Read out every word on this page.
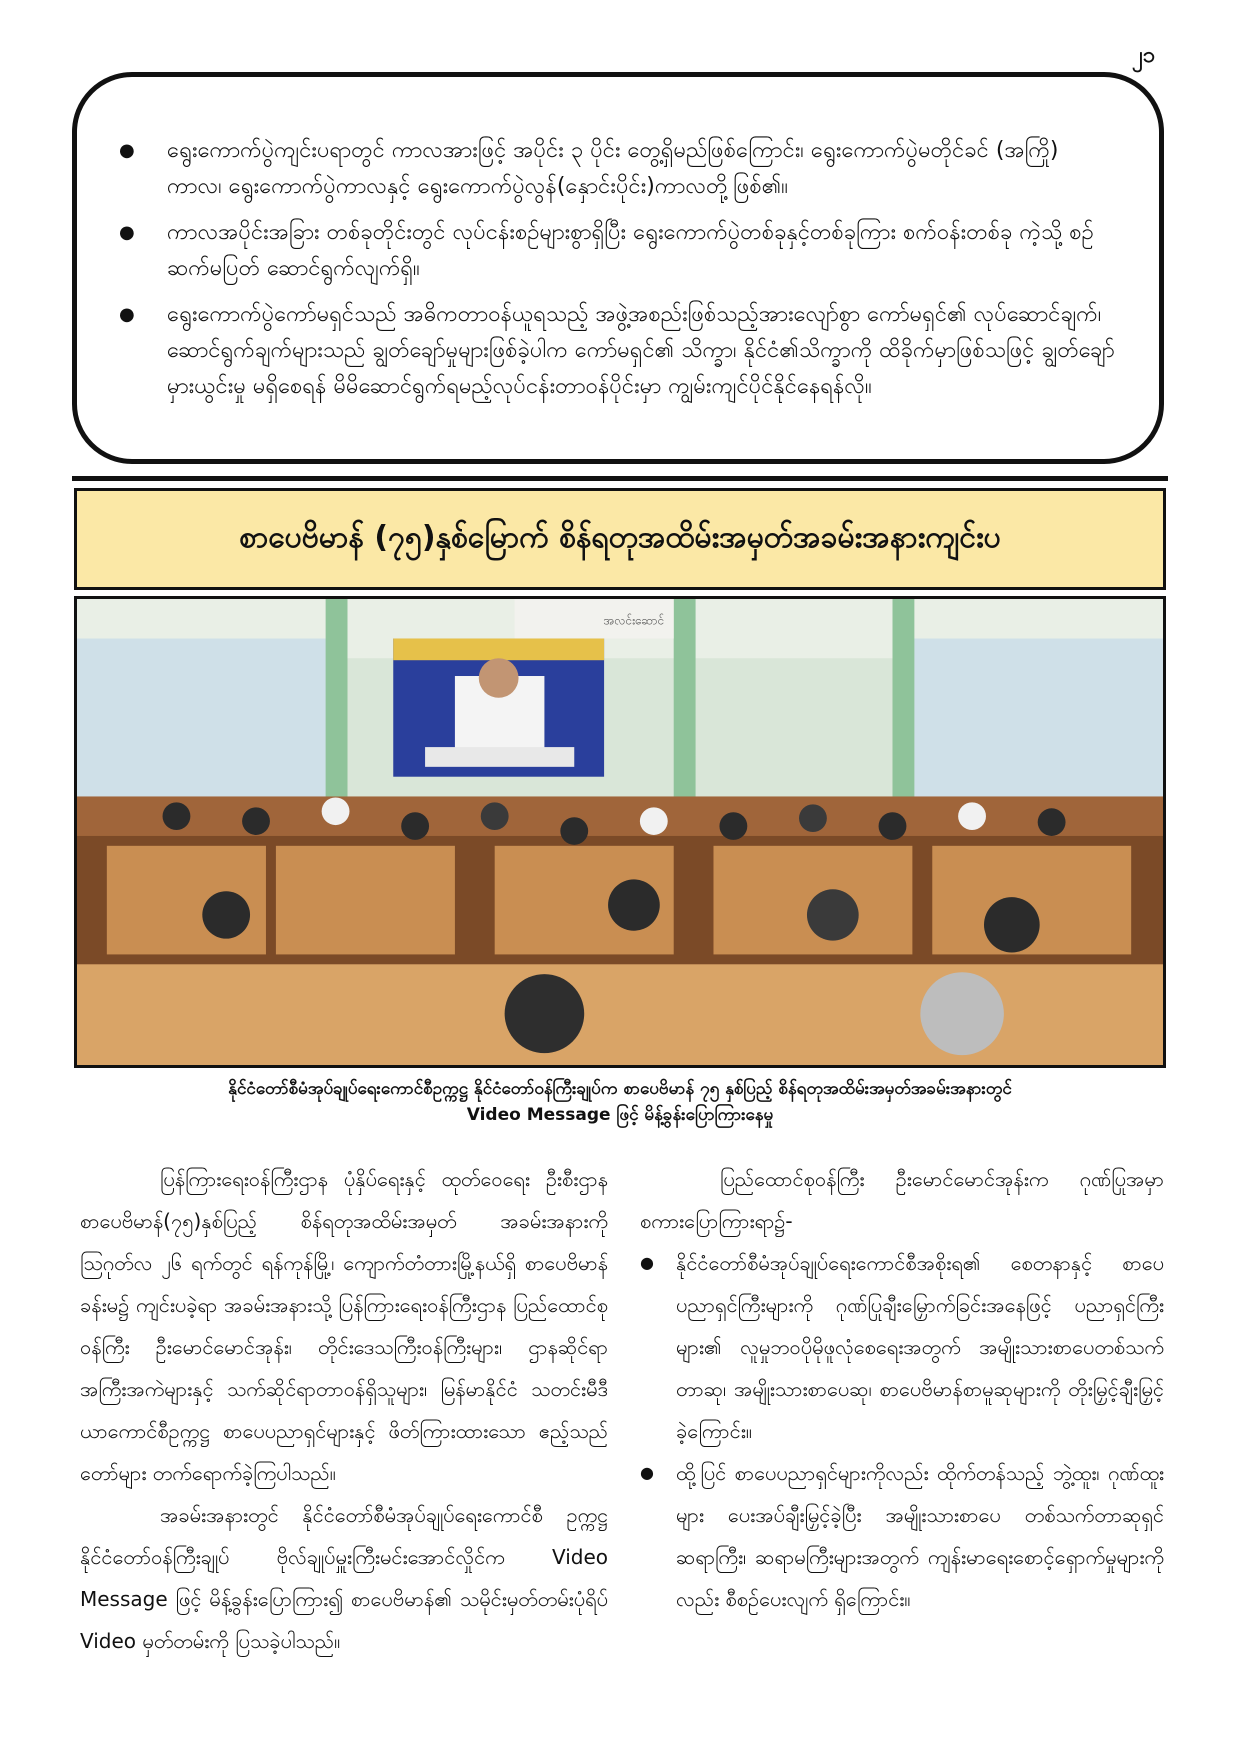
၂၁
● ရွေးကောက်ပွဲကျင်းပရာတွင် ကာလအားဖြင့် အပိုင်း ၃ ပိုင်း တွေ့ရှိမည်ဖြစ်ကြောင်း၊ ရွေးကောက်ပွဲမတိုင်ခင် (အကြို) ကာလ၊ ရွေးကောက်ပွဲကာလနှင့် ရွေးကောက်ပွဲလွန်(နှောင်းပိုင်း)ကာလတို့ဖြစ်၏။
● ကာလအပိုင်းအခြား တစ်ခုတိုင်းတွင် လုပ်ငန်းစဉ်များစွာရှိပြီး ရွေးကောက်ပွဲတစ်ခုနှင့်တစ်ခုကြား စက်ဝန်းတစ်ခု ကဲ့သို့ စဉ်ဆက်မပြတ် ဆောင်ရွက်လျက်ရှိ။
● ရွေးကောက်ပွဲကော်မရှင်သည် အဓိကတာဝန်ယူရသည့် အဖွဲ့အစည်းဖြစ်သည့်အားလျော်စွာ ကော်မရှင်၏ လုပ်ဆောင်ချက်၊ ဆောင်ရွက်ချက်များသည် ချွတ်ချော်မှုများဖြစ်ခဲ့ပါက ကော်မရှင်၏ သိက္ခာ၊ နိုင်ငံ၏သိက္ခာကို ထိခိုက်မှာဖြစ်သဖြင့် ချွတ်ချော်မှားယွင်းမှု မရှိစေရန် မိမိဆောင်ရွက်ရမည့်လုပ်ငန်းတာဝန်ပိုင်းမှာ ကျွမ်းကျင်ပိုင်နိုင်နေရန်လို။
စာပေဗိမာန် (၇၅)နှစ်မြောက် စိန်ရတုအထိမ်းအမှတ်အခမ်းအနားကျင်းပ
အလင်းဆောင်
နိုင်ငံတော်စီမံအုပ်ချုပ်ရေးကောင်စီဥက္ကဋ္ဌ နိုင်ငံတော်ဝန်ကြီးချုပ်က စာပေဗိမာန် ၇၅ နှစ်ပြည့် စိန်ရတုအထိမ်းအမှတ်အခမ်းအနားတွင်
Video Message ဖြင့် မိန့်ခွန်းပြောကြားနေမှု

ပြန်ကြားရေးဝန်ကြီးဌာန ပုံနှိပ်ရေးနှင့် ထုတ်ဝေရေး ဦးစီးဌာန စာပေဗိမာန်(၇၅)နှစ်ပြည့် စိန်ရတုအထိမ်းအမှတ် အခမ်းအနားကို ဩဂုတ်လ ၂၆ ရက်တွင် ရန်ကုန်မြို့၊ ကျောက်တံတားမြို့နယ်ရှိ စာပေဗိမာန်ခန်းမ၌ ကျင်းပခဲ့ရာ အခမ်းအနားသို့ ပြန်ကြားရေးဝန်ကြီးဌာန ပြည်ထောင်စုဝန်ကြီး ဦးမောင်မောင်အုန်း၊ တိုင်းဒေသကြီးဝန်ကြီးများ၊ ဌာနဆိုင်ရာ အကြီးအကဲများနှင့် သက်ဆိုင်ရာတာဝန်ရှိသူများ၊ မြန်မာနိုင်ငံ သတင်းမီဒီယာကောင်စီဥက္ကဋ္ဌ စာပေပညာရှင်များနှင့် ဖိတ်ကြားထားသော ဧည့်သည်တော်များ တက်ရောက်ခဲ့ကြပါသည်။

အခမ်းအနားတွင် နိုင်ငံတော်စီမံအုပ်ချုပ်ရေးကောင်စီ ဥက္ကဋ္ဌ နိုင်ငံတော်ဝန်ကြီးချုပ် ဗိုလ်ချုပ်မှူးကြီးမင်းအောင်လှိုင်က Video Message ဖြင့် မိန့်ခွန်းပြောကြား၍ စာပေဗိမာန်၏ သမိုင်းမှတ်တမ်းပုံရိပ် Video မှတ်တမ်းကို ပြသခဲ့ပါသည်။

ပြည်ထောင်စုဝန်ကြီး ဦးမောင်မောင်အုန်းက ဂုဏ်ပြုအမှာစကားပြောကြားရာ၌-

● နိုင်ငံတော်စီမံအုပ်ချုပ်ရေးကောင်စီအစိုးရ၏ စေတနာနှင့် စာပေပညာရှင်ကြီးများကို ဂုဏ်ပြုချီးမြှောက်ခြင်းအနေဖြင့် ပညာရှင်ကြီးများ၏ လူမှုဘဝပိုမိုဖူလုံစေရေးအတွက် အမျိုးသားစာပေတစ်သက်တာဆု၊ အမျိုးသားစာပေဆု၊ စာပေဗိမာန်စာမူဆုများကို တိုးမြှင့်ချီးမြှင့်ခဲ့ကြောင်း။
● ထို့ပြင် စာပေပညာရှင်များကိုလည်း ထိုက်တန်သည့် ဘွဲ့ထူး၊ ဂုဏ်ထူးများ ပေးအပ်ချီးမြှင့်ခဲ့ပြီး အမျိုးသားစာပေ တစ်သက်တာဆုရှင် ဆရာကြီး၊ ဆရာမကြီးများအတွက် ကျန်းမာရေးစောင့်ရှောက်မှုများကိုလည်း စီစဉ်ပေးလျက် ရှိကြောင်း။
